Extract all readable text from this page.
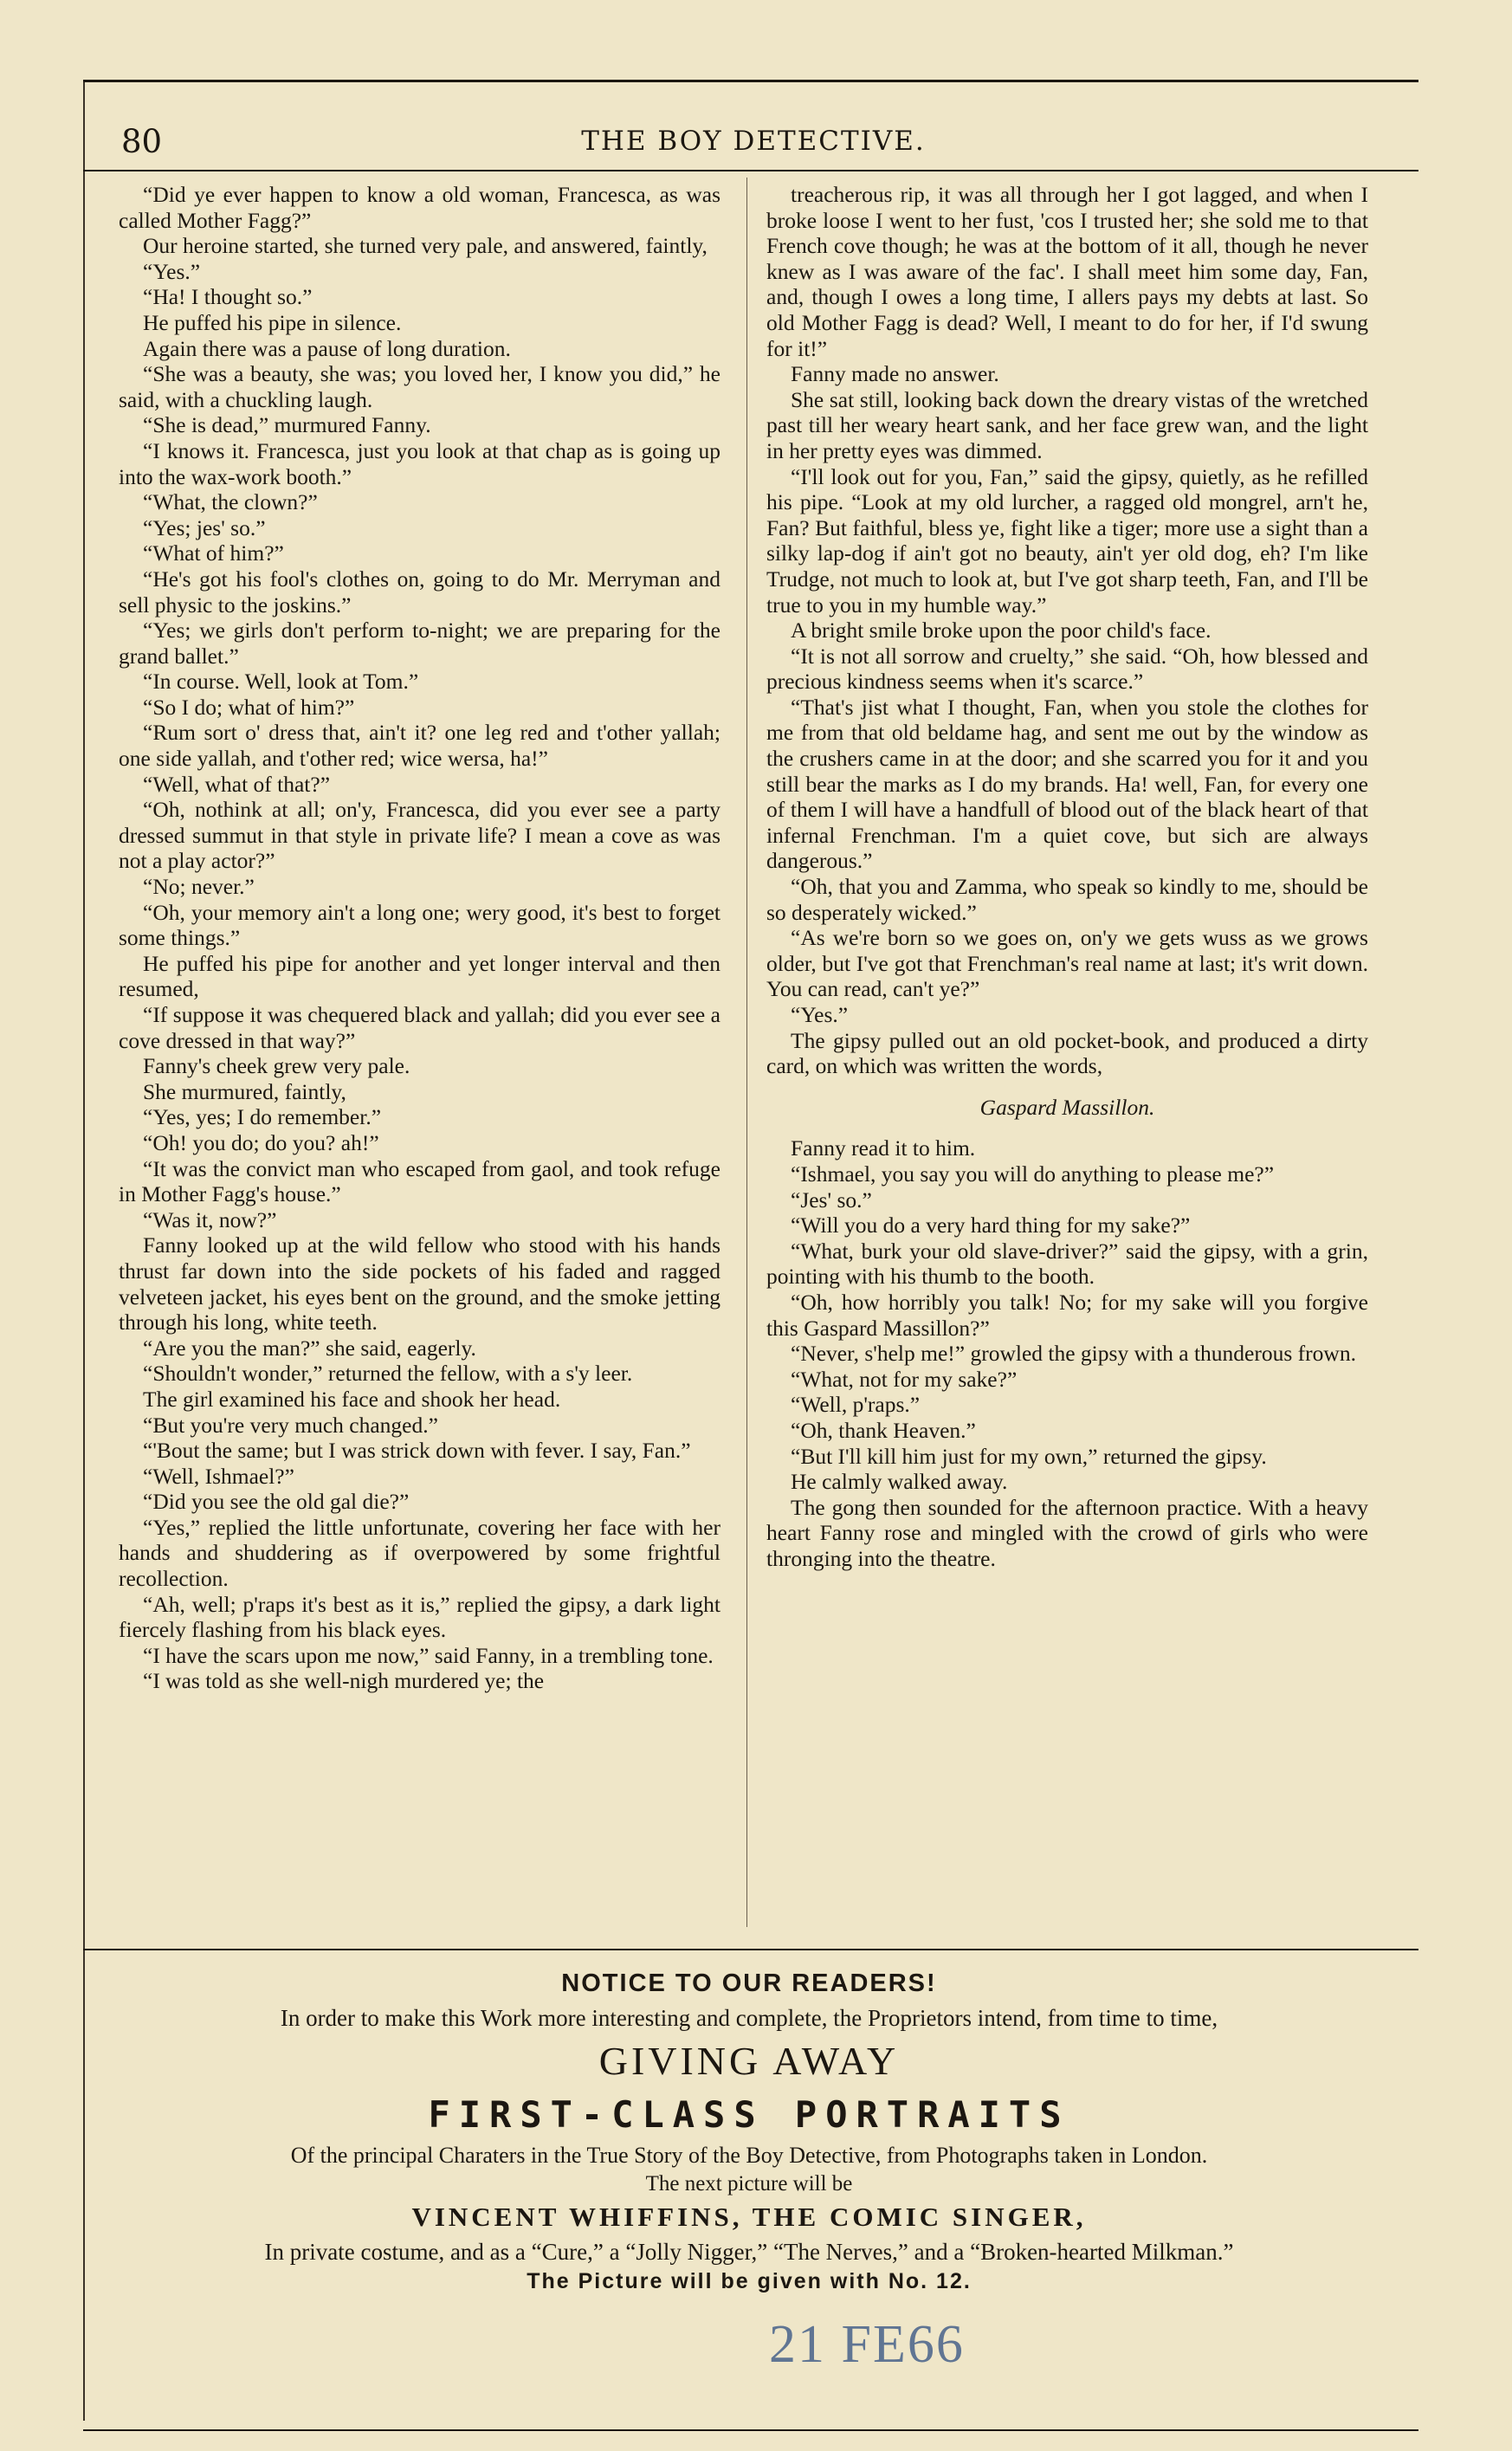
80	THE BOY DETECTIVE.

“Did ye ever happen to know a old woman, Francesca, as was called Mother Fagg?”

Our heroine started, she turned very pale, and answered, faintly,

“Yes.”

“Ha! I thought so.”

He puffed his pipe in silence.

Again there was a pause of long duration.

“She was a beauty, she was; you loved her, I know you did,” he said, with a chuckling laugh.

“She is dead,” murmured Fanny.

“I knows it. Francesca, just you look at that chap as is going up into the wax-work booth.”

“What, the clown?”

“Yes; jes' so.”

“What of him?”

“He's got his fool's clothes on, going to do Mr. Merryman and sell physic to the joskins.”

“Yes; we girls don't perform to-night; we are preparing for the grand ballet.”

“In course. Well, look at Tom.”

“So I do; what of him?”

“Rum sort o' dress that, ain't it? one leg red and t'other yallah; one side yallah, and t'other red; wice wersa, ha!”

“Well, what of that?”

“Oh, nothink at all; on'y, Francesca, did you ever see a party dressed summut in that style in private life? I mean a cove as was not a play actor?”

“No; never.”

“Oh, your memory ain't a long one; wery good, it's best to forget some things.”

He puffed his pipe for another and yet longer interval and then resumed,

“If suppose it was chequered black and yallah; did you ever see a cove dressed in that way?”

Fanny's cheek grew very pale.

She murmured, faintly,

“Yes, yes; I do remember.”

“Oh! you do; do you? ah!”

“It was the convict man who escaped from gaol, and took refuge in Mother Fagg's house.”

“Was it, now?”

Fanny looked up at the wild fellow who stood with his hands thrust far down into the side pockets of his faded and ragged velveteen jacket, his eyes bent on the ground, and the smoke jetting through his long, white teeth.

“Are you the man?” she said, eagerly.

“Shouldn't wonder,” returned the fellow, with a s'y leer.

The girl examined his face and shook her head.

“But you're very much changed.”

“'Bout the same; but I was strick down with fever. I say, Fan.”

“Well, Ishmael?”

“Did you see the old gal die?”

“Yes,” replied the little unfortunate, covering her face with her hands and shuddering as if overpowered by some frightful recollection.

“Ah, well; p'raps it's best as it is,” replied the gipsy, a dark light fiercely flashing from his black eyes.

“I have the scars upon me now,” said Fanny, in a trembling tone.

“I was told as she well-nigh murdered ye; the

treacherous rip, it was all through her I got lagged, and when I broke loose I went to her fust, 'cos I trusted her; she sold me to that French cove though; he was at the bottom of it all, though he never knew as I was aware of the fac'. I shall meet him some day, Fan, and, though I owes a long time, I allers pays my debts at last. So old Mother Fagg is dead? Well, I meant to do for her, if I'd swung for it!”

Fanny made no answer.

She sat still, looking back down the dreary vistas of the wretched past till her weary heart sank, and her face grew wan, and the light in her pretty eyes was dimmed.

“I'll look out for you, Fan,” said the gipsy, quietly, as he refilled his pipe. “Look at my old lurcher, a ragged old mongrel, arn't he, Fan? But faithful, bless ye, fight like a tiger; more use a sight than a silky lap-dog if ain't got no beauty, ain't yer old dog, eh? I'm like Trudge, not much to look at, but I've got sharp teeth, Fan, and I'll be true to you in my humble way.”

A bright smile broke upon the poor child's face.

“It is not all sorrow and cruelty,” she said. “Oh, how blessed and precious kindness seems when it's scarce.”

“That's jist what I thought, Fan, when you stole the clothes for me from that old beldame hag, and sent me out by the window as the crushers came in at the door; and she scarred you for it and you still bear the marks as I do my brands. Ha! well, Fan, for every one of them I will have a handfull of blood out of the black heart of that infernal Frenchman. I'm a quiet cove, but sich are always dangerous.”

“Oh, that you and Zamma, who speak so kindly to me, should be so desperately wicked.”

“As we're born so we goes on, on'y we gets wuss as we grows older, but I've got that Frenchman's real name at last; it's writ down. You can read, can't ye?”

“Yes.”

The gipsy pulled out an old pocket-book, and produced a dirty card, on which was written the words,

Gaspard Massillon.

Fanny read it to him.

“Ishmael, you say you will do anything to please me?”

“Jes' so.”

“Will you do a very hard thing for my sake?”

“What, burk your old slave-driver?” said the gipsy, with a grin, pointing with his thumb to the booth.

“Oh, how horribly you talk! No; for my sake will you forgive this Gaspard Massillon?”

“Never, s'help me!” growled the gipsy with a thunderous frown.

“What, not for my sake?”

“Well, p'raps.”

“Oh, thank Heaven.”

“But I'll kill him just for my own,” returned the gipsy.

He calmly walked away.

The gong then sounded for the afternoon practice. With a heavy heart Fanny rose and mingled with the crowd of girls who were thronging into the theatre.

NOTICE TO OUR READERS!
In order to make this Work more interesting and complete, the Proprietors intend, from time to time,
GIVING AWAY
FIRST-CLASS PORTRAITS
Of the principal Charaters in the True Story of the Boy Detective, from Photographs taken in London.
The next picture will be
VINCENT WHIFFINS, THE COMIC SINGER,
In private costume, and as a “Cure,” a “Jolly Nigger,” “The Nerves,” and a “Broken-hearted Milkman.”
The Picture will be given with No. 12.
21 FE66
